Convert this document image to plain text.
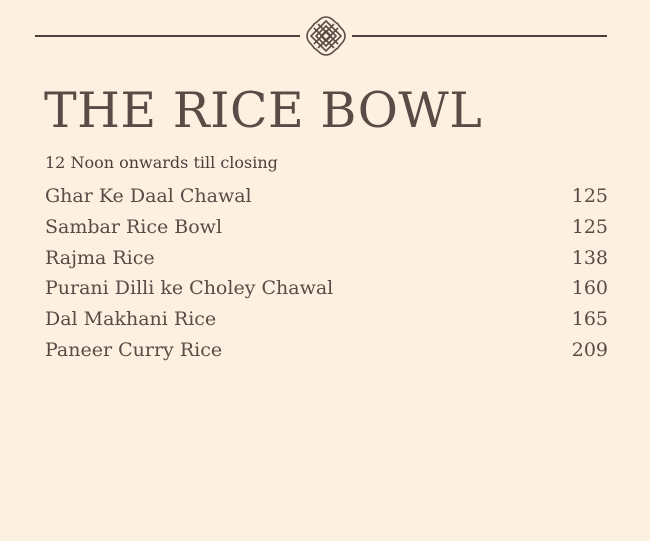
THE RICE BOWL
12 Noon onwards till closing
Ghar Ke Daal Chawal	125
Sambar Rice Bowl	125
Rajma Rice	138
Purani Dilli ke Choley Chawal	160
Dal Makhani Rice	165
Paneer Curry Rice	209
